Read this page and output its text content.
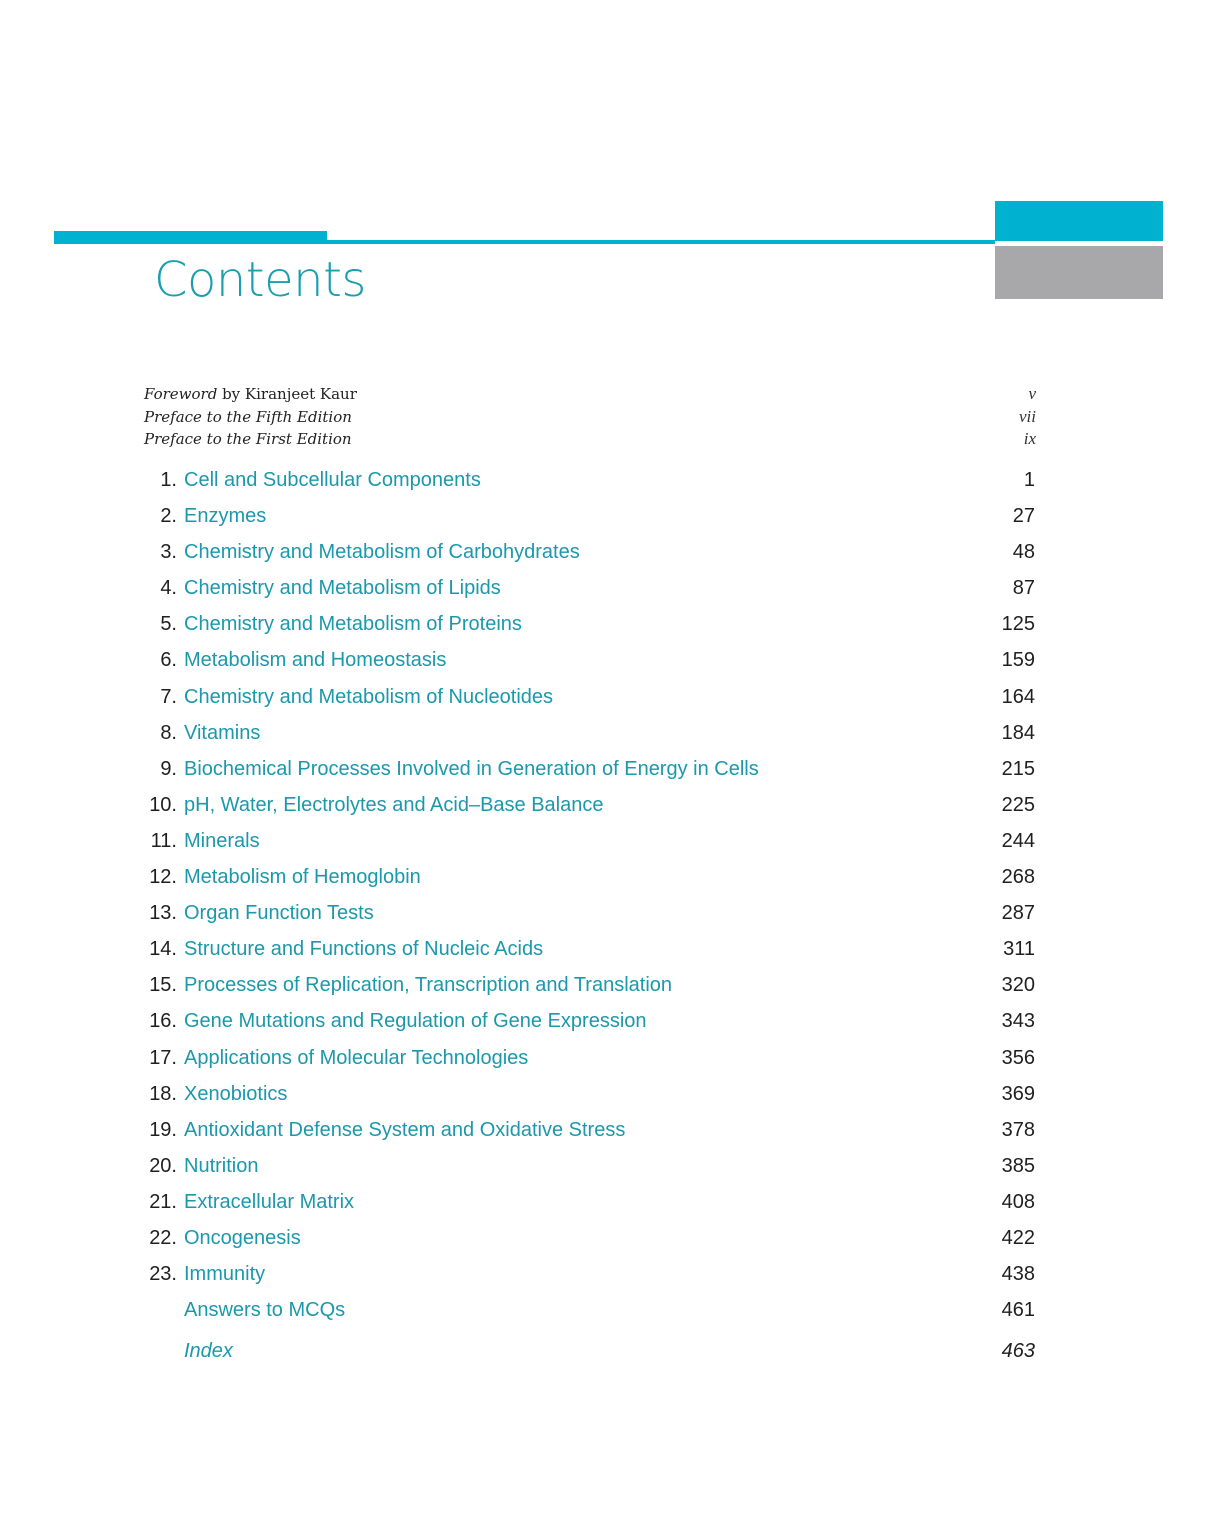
Contents
Foreword by Kiranjeet Kaur	v
Preface to the Fifth Edition	vii
Preface to the First Edition	ix
1. Cell and Subcellular Components	1
2. Enzymes	27
3. Chemistry and Metabolism of Carbohydrates	48
4. Chemistry and Metabolism of Lipids	87
5. Chemistry and Metabolism of Proteins	125
6. Metabolism and Homeostasis	159
7. Chemistry and Metabolism of Nucleotides	164
8. Vitamins	184
9. Biochemical Processes Involved in Generation of Energy in Cells	215
10. pH, Water, Electrolytes and Acid–Base Balance	225
11. Minerals	244
12. Metabolism of Hemoglobin	268
13. Organ Function Tests	287
14. Structure and Functions of Nucleic Acids	311
15. Processes of Replication, Transcription and Translation	320
16. Gene Mutations and Regulation of Gene Expression	343
17. Applications of Molecular Technologies	356
18. Xenobiotics	369
19. Antioxidant Defense System and Oxidative Stress	378
20. Nutrition	385
21. Extracellular Matrix	408
22. Oncogenesis	422
23. Immunity	438
Answers to MCQs	461
Index	463
